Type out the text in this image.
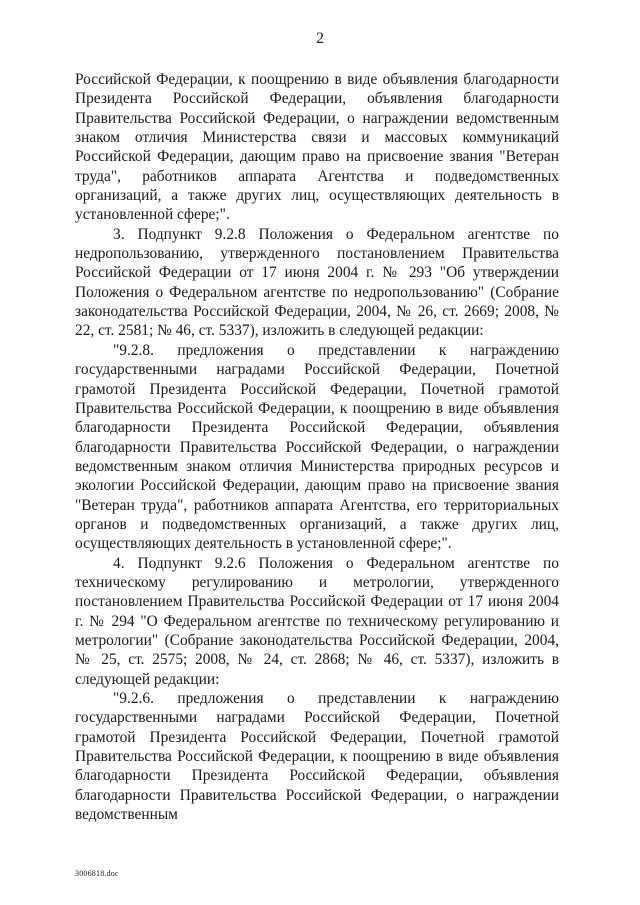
2

Российской Федерации, к поощрению в виде объявления благодарности Президента Российской Федерации, объявления благодарности Правительства Российской Федерации, о награждении ведомственным знаком отличия Министерства связи и массовых коммуникаций Российской Федерации, дающим право на присвоение звания "Ветеран труда", работников аппарата Агентства и подведомственных организаций, а также других лиц, осуществляющих деятельность в установленной сфере;".

3. Подпункт 9.2.8 Положения о Федеральном агентстве по недропользованию, утвержденного постановлением Правительства Российской Федерации от 17 июня 2004 г. № 293 "Об утверждении Положения о Федеральном агентстве по недропользованию" (Собрание законодательства Российской Федерации, 2004, № 26, ст. 2669; 2008, № 22, ст. 2581; № 46, ст. 5337), изложить в следующей редакции:

"9.2.8. предложения о представлении к награждению государственными наградами Российской Федерации, Почетной грамотой Президента Российской Федерации, Почетной грамотой Правительства Российской Федерации, к поощрению в виде объявления благодарности Президента Российской Федерации, объявления благодарности Правительства Российской Федерации, о награждении ведомственным знаком отличия Министерства природных ресурсов и экологии Российской Федерации, дающим право на присвоение звания "Ветеран труда", работников аппарата Агентства, его территориальных органов и подведомственных организаций, а также других лиц, осуществляющих деятельность в установленной сфере;".

4. Подпункт 9.2.6 Положения о Федеральном агентстве по техническому регулированию и метрологии, утвержденного постановлением Правительства Российской Федерации от 17 июня 2004 г. № 294 "О Федеральном агентстве по техническому регулированию и метрологии" (Собрание законодательства Российской Федерации, 2004, № 25, ст. 2575; 2008, № 24, ст. 2868; № 46, ст. 5337), изложить в следующей редакции:

"9.2.6. предложения о представлении к награждению государственными наградами Российской Федерации, Почетной грамотой Президента Российской Федерации, Почетной грамотой Правительства Российской Федерации, к поощрению в виде объявления благодарности Президента Российской Федерации, объявления благодарности Правительства Российской Федерации, о награждении ведомственным

3006818.doc
